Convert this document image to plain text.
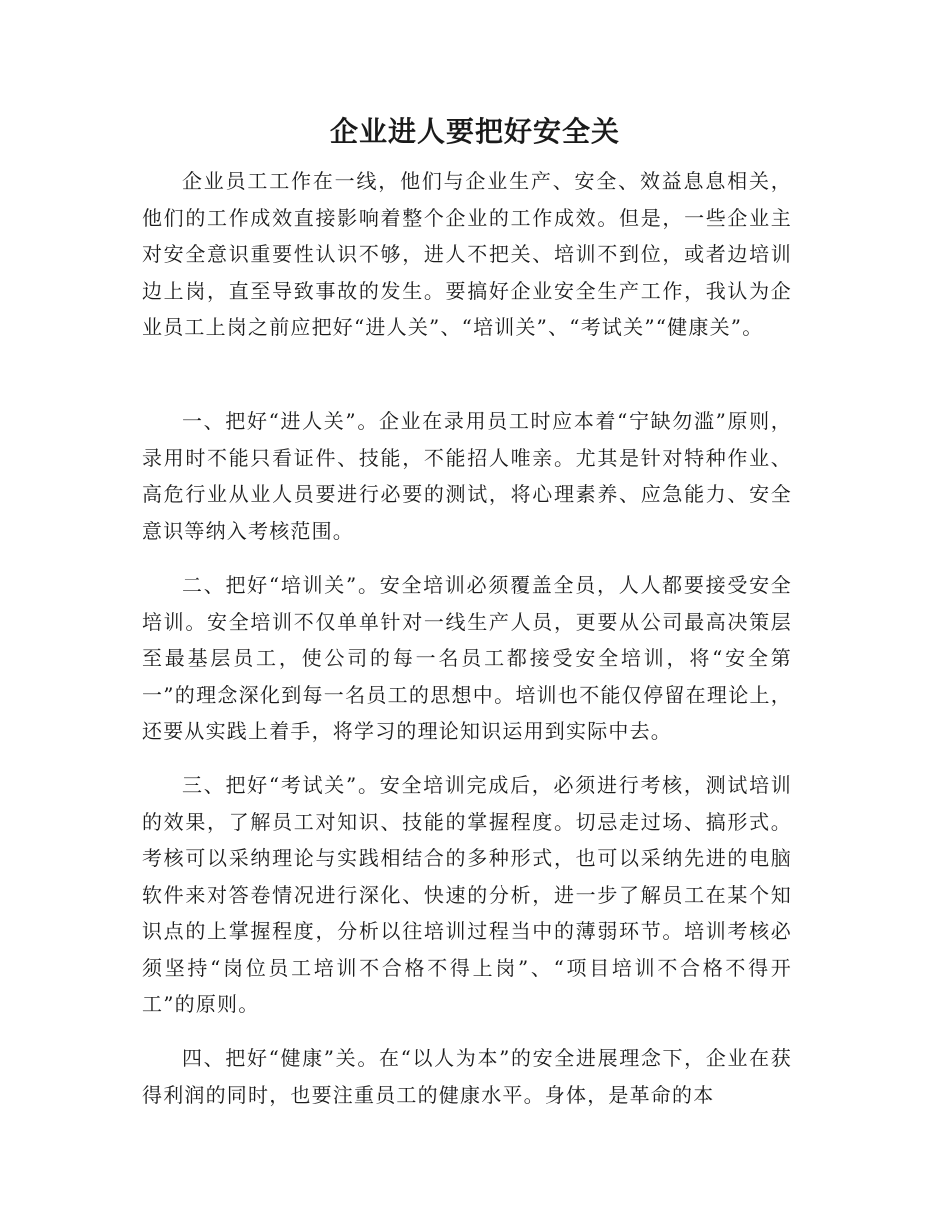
企业进人要把好安全关

企业员工工作在一线，他们与企业生产、安全、效益息息相关，他们的工作成效直接影响着整个企业的工作成效。但是，一些企业主对安全意识重要性认识不够，进人不把关、培训不到位，或者边培训边上岗，直至导致事故的发生。要搞好企业安全生产工作，我认为企业员工上岗之前应把好“进人关”、“培训关”、“考试关”“健康关”。

一、把好“进人关”。企业在录用员工时应本着“宁缺勿滥”原则，录用时不能只看证件、技能，不能招人唯亲。尤其是针对特种作业、高危行业从业人员要进行必要的测试，将心理素养、应急能力、安全意识等纳入考核范围。

二、把好“培训关”。安全培训必须覆盖全员，人人都要接受安全培训。安全培训不仅单单针对一线生产人员，更要从公司最高决策层至最基层员工，使公司的每一名员工都接受安全培训，将“安全第一”的理念深化到每一名员工的思想中。培训也不能仅停留在理论上，还要从实践上着手，将学习的理论知识运用到实际中去。

三、把好“考试关”。安全培训完成后，必须进行考核，测试培训的效果，了解员工对知识、技能的掌握程度。切忌走过场、搞形式。考核可以采纳理论与实践相结合的多种形式，也可以采纳先进的电脑软件来对答卷情况进行深化、快速的分析，进一步了解员工在某个知识点的上掌握程度，分析以往培训过程当中的薄弱环节。培训考核必须坚持“岗位员工培训不合格不得上岗”、“项目培训不合格不得开工”的原则。

四、把好“健康”关。在“以人为本”的安全进展理念下，企业在获得利润的同时，也要注重员工的健康水平。身体，是革命的本
